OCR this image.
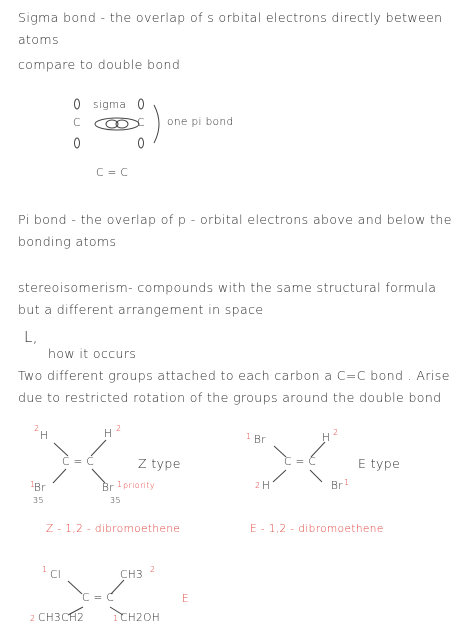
Sigma bond - the overlap of s orbital electrons directly between
atoms
compare to double bond
sigma
C	C one pi bond
C = C
Pi bond - the overlap of p - orbital electrons above and below the
bonding atoms
stereoisomerism- compounds with the same structural formula
but a different arrangement in space
L,
how it occurs
Two different groups attached to each carbon a C=C bond . Arise
due to restricted rotation of the groups around the double bond
2
H	H 2
C = C	Z type
1
Br	Br 1 priority
35	35
Z - 1,2 - dibromoethene
1 Br	H 2
C = C	E type
2 H	Br 1
E - 1,2 - dibromoethene
1 Cl	CH3 2
C = C	E
2 CH3CH2	1 CH2OH
